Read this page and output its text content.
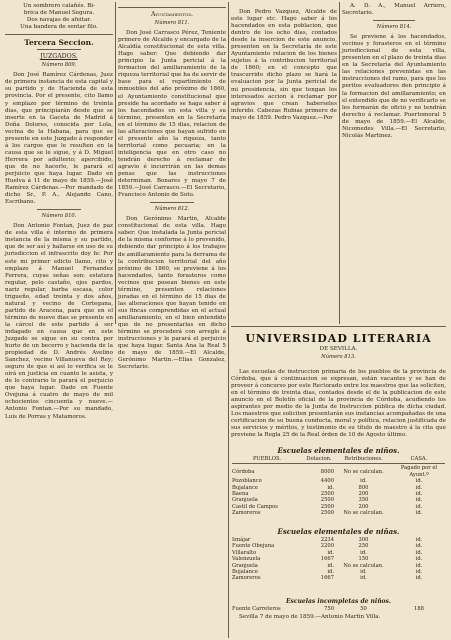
Un sombrero calañés. Bi-

brica de Manuel Segura.

Dos navajas de afeitar.

Una bandera de sentar filo.

Tercera Seccion.
JUZGADOS.
Número 809.

Don José Ramírez Cárdenas, Juez de primera instancia de esta capital y su partido y de Hacienda de esta provincia. Por el presente, cito llamo y emplazo por término de treinta dias, que principiarán desde que se inserte en la Gaceta de Madrid á Doña Dolores, conocida por Lola, vecina de la Habana, para que se presente en este Juzgado á responder á los cargos que le resulten en la causa que se le sigue, y á D. Miguel Herrera por adulterio; apercibido, que de no hacerlo, le parará el perjuicio que haya lugar. Dado en Huelva á 11 de mayo de 1859.—José Ramírez Cárdenas.—Por mandado de dicho Sr., P. A., Alejando Cano, Escribano.

Número 810.

Don Antonio Fontan, Juez de paz de esta villa é interino de primera instancia de la misma y su partido, que de ser así y hallarse en uso de su jurisdiccion el infrascrito doy fe: Por este mi primer edicto llamo, cito y emplazo á Manuel Fernandez Ferrera, cuyas señas son: estatura regular, pelo castaño, ojos pardos, nariz regular, barba escasa, color trigueño, edad treinta y dos años, natural y vecino de Cortegana, partido de Aracena, para que en el término de nueve dias se presente en la cárcel de este partido á ser indagado en causa que en este Juzgado se sigue en su contra por hurto de un becerro y hacienda de la propiedad de D. Andrés Avelino Sanchez, vecino Villanueva del Rey; seguro de que si así lo verifica se le oirá en justicia en cuanto le asista, y de lo contrario le parará el perjuicio que haya lugar. Dado en Fuente Ovejuna á cuatro de mayo de mil ochocientos cincuenta y nueve.—Antonio Fontan.—Por su mandado, Luis de Porras y Matamoros.

Ayuntamientos.
Número 811.

Don José Carrasco Pérez, Teniente primero de Alcalde y encargado de la Alcaldía constitucional de esta villa. Hago saber: Que debiendo dar principio la Junta pericial á la formacion del amillaramiento de la riqueza territorial que ha de servir de base para el repartimiento de inmuebles del año próximo de 1860, el Ayuntamiento constitucional que preside ha acordado se haga saber á los hacendados en esta villa y su término, presenten en la Secretaría en el término de 15 dias, relacion de las alteraciones que hayan sufrido en el presente año la riqueza, tanto territorial como pecuaria; en la inteligencia que en otro caso no tendrán derecho á reclamar de agravio é incurrirán en las demas penas que las instrucciones determinan. Bonares y mayo 7 de 1859.—José Carrasco.—El Secretario, Francisco Antonio de Soto.

Número 812.

Don Gerónimo Martin, Alcalde constitucional de esta villa. Hago saber: Que instalada la Junta pericial de la misma conforme á lo prevenido, debiendo dar principio á los trabajos de amillaramiento para la derrama de la contribucion territorial del año próximo de 1860, se previene á los hacendados, tanto forasteros como vecinos que posean bienes en este término, presenten relaciones juradas en el término de 15 dias de las alteraciones que hayan tenido en sus fincas comprendidas en el actual amillaramiento, en el bien entendido que de no presentarlas en dicho término se procederá con arreglo á instrucciones y le parará el perjuicio que haya lugar. Santa Ana la Real 5 de mayo de 1859.—El Alcalde, Gerónimo Martin.—Elias Gonzalez, Secretario.

Don Pedro Vazquez, Alcalde de este lugar etc. Hago saber á los hacendados en esta poblacion, que dentro de los ocho dias, contados desde la insercion de este anuncio, presenten en la Secretaría de este Ayuntamiento relacion de los bienes sujetos á la contribucion territorial de 1860; en el concepto que trascurrido dicho plazo se hará la evaluacion por la Junta pericial de mi presidencia, sin que tengan los interesados accion á reclamar por agravios que crean haberseles inferido. Cabezas Rubias primero de mayo de 1859. Pedro Vazquez.—Por

A. D. A., Manuel Arriero, Secretario.

Número 814.

Se previene á los hacendados, vecinos y forasteros en el término jurisdiccional de esta villa, presenten en el plazo de treinta dias en la Secretaría del Ayuntamiento las relaciones prevenidas en las instrucciones del ramo, para que los peritos evaluadores den principio á la formacion del amillaramiento; en el entendido que de no verificarlo se les formarán de oficio y no tendrán derecho á reclamar. Puertomoral 5 de mayo de 1859.—El Alcalde, Nicomedes Villa.—El Secretario, Nicolás Martinez.

UNIVERSIDAD LITERARIA
DE SEVILLA.
Número 813.

Las escuelas de instruccion primaria de los pueblos de la provincia de Córdoba, que á continuacion se expresan, están vacantes y se han de proveer á concurso por este Rectorado entre los maestros que las soliciten, en el término de treinta dias, contados desde el de la publicacion de este anuncio en el Boletín oficial de la provincia de Córdoba, acudiendo los aspirantes por medio de la Junta de Instruccion pública de dicha ciudad. Los maestros que soliciten presentarán sus instancias acompañadas de una certificacion de su buena conducta, moral y política, relacion justificada de sus servicios y méritos, y testimonio de su título de maestro á la cita que previene la Regla 25 de la Real órden de 10 de Agosto último.

Escuelas elementales de niños.
PUEBLOS.	Dotacion.	Retribuciones.	CASA.

Córdoba	8000	No se calculan.	Pagado por el Ayunt.º
Pozoblanco	4400	id.	id.
Bujalance	id.	800	id.
Baena	2500	200	id.
Granjuela	2500	350	id.
Castil de Campos	2500	200	id.
Zamoreros	2500	No se calculan.	id.
Escuelas elementales de niñas.
Iznájar	2234	300	id.
Fuente Obejuna	2200	250	id.
Villaralto	id.	id.	id.
Valenzuela	1667	150	id.
Granjuela	id.	No se calculan.	id.
Bujalance	id.	id.	id.
Zamoreros	1667	id.	id.
Escuelas incompletas de niños.
Fuente Carreteros	750	50	188

Sevilla 7 de mayo de 1859.—Antonio Martin Villa.
